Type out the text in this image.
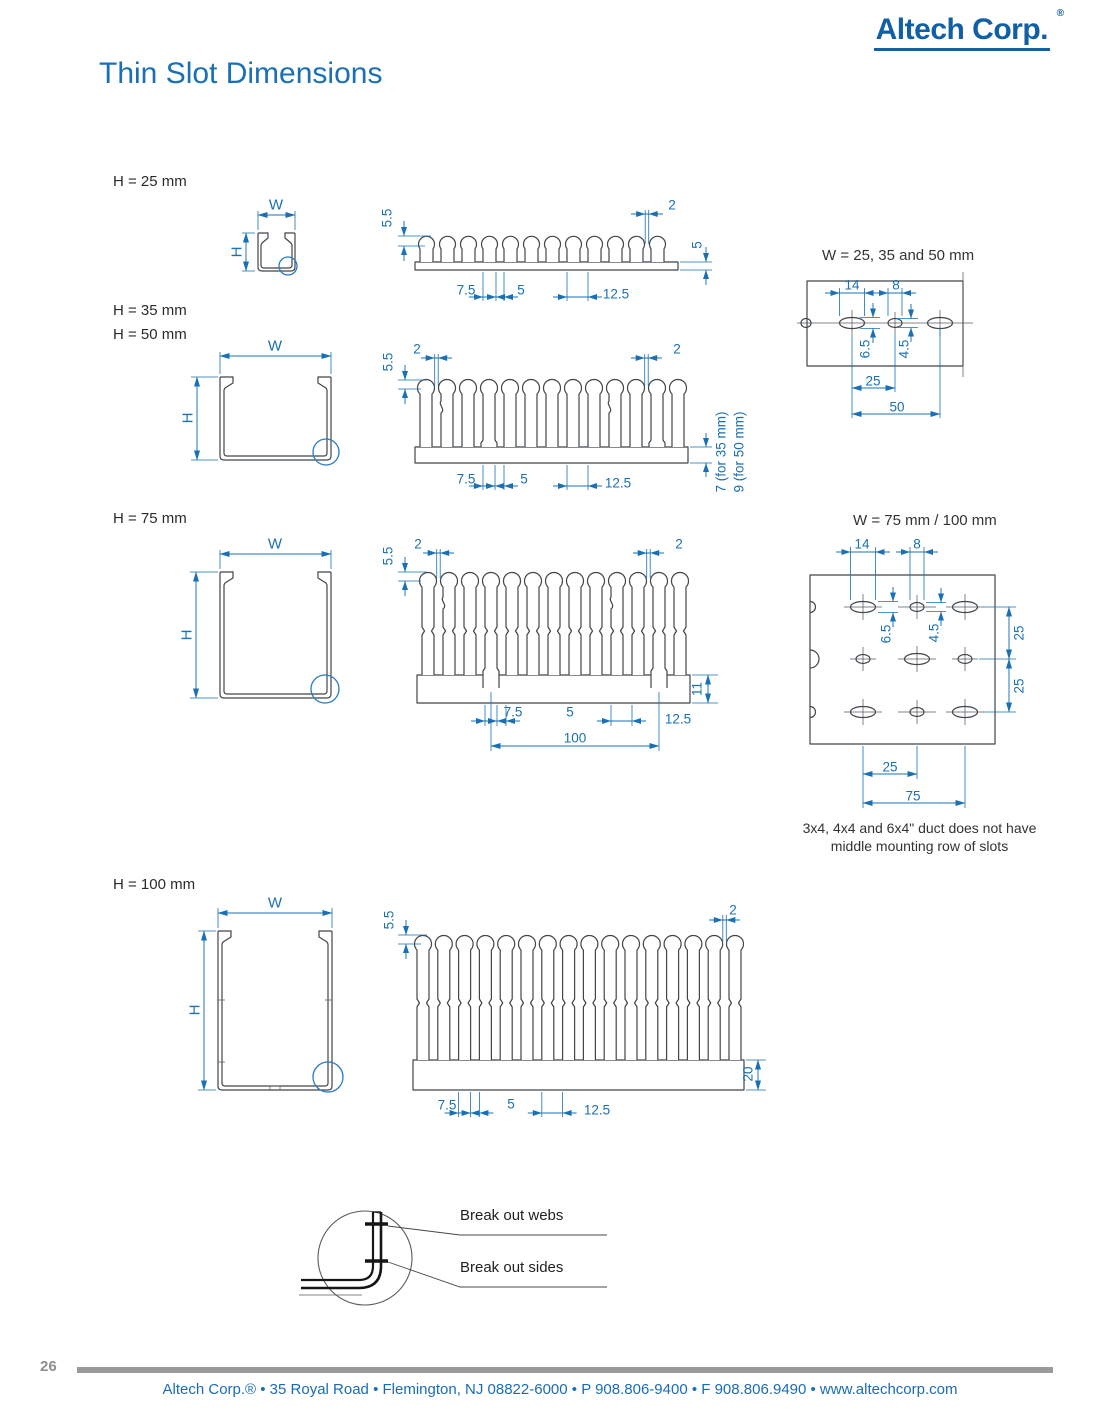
Altech Corp. ®
Thin Slot Dimensions
H = 25 mm
H = 35 mm
H = 50 mm
H = 75 mm
H = 100 mm
W = 25, 35 and 50 mm
W = 75 mm / 100 mm
3x4, 4x4 and 6x4" duct does not have
middle mounting row of slots
Break out webs
Break out sides
26
Altech Corp.® • 35 Royal Road • Flemington, NJ 08822-6000 • P 908.806-9400 • F 908.806.9490 • www.altechcorp.com
W
H
5.5
2
5
7.5	5	12.5
14 8
6.5 4.5
25
50
W
H
5.5
2	2
7 (for 35 mm) 9 (for 50 mm)
7.5	5	12.5
W
H
5.5
2	2
11
7.5	5	12.5
100
14	8
6.5 4.5	25
25
25
75
W
H
5.5
2
20
7.5	5	12.5
